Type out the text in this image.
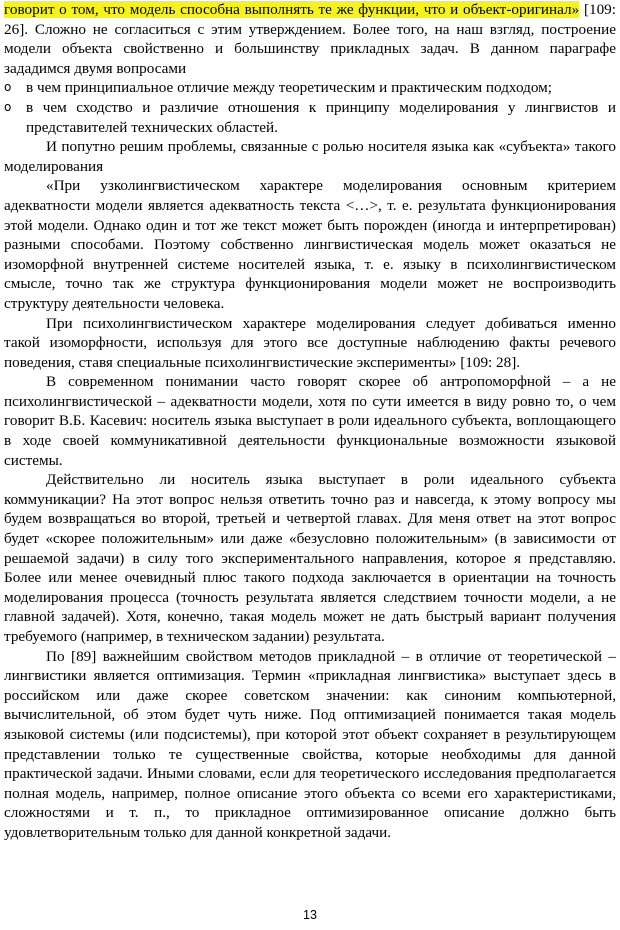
говорит о том, что модель способна выполнять те же функции, что и объект-оригинал» [109: 26]. Сложно не согласиться с этим утверждением. Более того, на наш взгляд, построение модели объекта свойственно и большинству прикладных задач. В данном параграфе зададимся двумя вопросами

o в чем принципиальное отличие между теоретическим и практическим подходом;
o в чем сходство и различие отношения к принципу моделирования у лингвистов и представителей технических областей.

И попутно решим проблемы, связанные с ролью носителя языка как «субъекта» такого моделирования

«При узколингвистическом характере моделирования основным критерием адекватности модели является адекватность текста <…>, т. е. результата функционирования этой модели. Однако один и тот же текст может быть порожден (иногда и интерпретирован) разными способами. Поэтому собственно лингвистическая модель может оказаться не изоморфной внутренней системе носителей языка, т. е. языку в психолингвистическом смысле, точно так же структура функционирования модели может не воспроизводить структуру деятельности человека.

При психолингвистическом характере моделирования следует добиваться именно такой изоморфности, используя для этого все доступные наблюдению факты речевого поведения, ставя специальные психолингвистические эксперименты» [109: 28].

В современном понимании часто говорят скорее об антропоморфной – а не психолингвистической – адекватности модели, хотя по сути имеется в виду ровно то, о чем говорит В.Б. Касевич: носитель языка выступает в роли идеального субъекта, воплощающего в ходе своей коммуникативной деятельности функциональные возможности языковой системы.

Действительно ли носитель языка выступает в роли идеального субъекта коммуникации? На этот вопрос нельзя ответить точно раз и навсегда, к этому вопросу мы будем возвращаться во второй, третьей и четвертой главах. Для меня ответ на этот вопрос будет «скорее положительным» или даже «безусловно положительным» (в зависимости от решаемой задачи) в силу того экспериментального направления, которое я представляю. Более или менее очевидный плюс такого подхода заключается в ориентации на точность моделирования процесса (точность результата является следствием точности модели, а не главной задачей). Хотя, конечно, такая модель может не дать быстрый вариант получения требуемого (например, в техническом задании) результата.

По [89] важнейшим свойством методов прикладной – в отличие от теоретической – лингвистики является оптимизация. Термин «прикладная лингвистика» выступает здесь в российском или даже скорее советском значении: как синоним компьютерной, вычислительной, об этом будет чуть ниже. Под оптимизацией понимается такая модель языковой системы (или подсистемы), при которой этот объект сохраняет в результирующем представлении только те существенные свойства, которые необходимы для данной практической задачи. Иными словами, если для теоретического исследования предполагается полная модель, например, полное описание этого объекта со всеми его характеристиками, сложностями и т. п., то прикладное оптимизированное описание должно быть удовлетворительным только для данной конкретной задачи.

13
